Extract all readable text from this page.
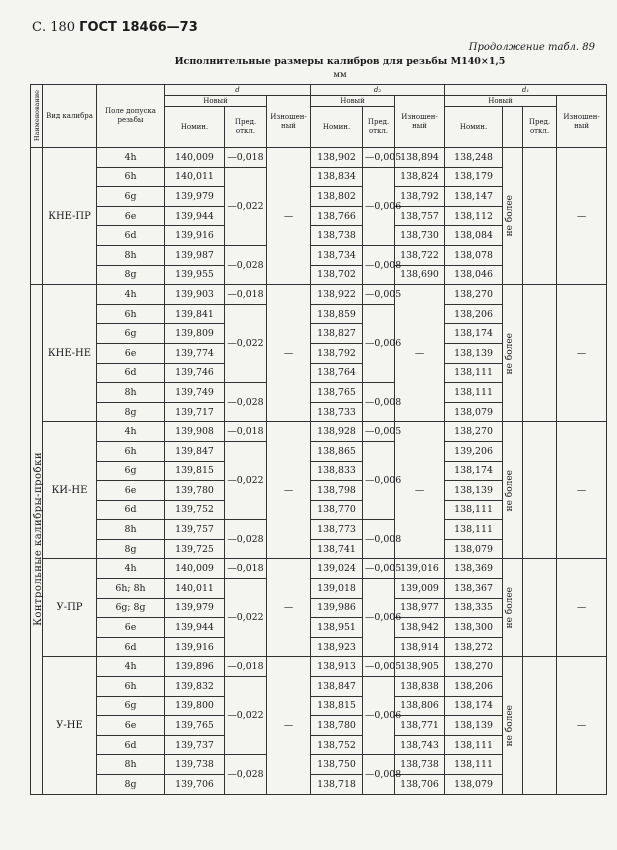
С. 180 ГОСТ 18466—73
Продолжение табл. 89
Исполнительные размеры калибров для резьбы М140×1,5
мм
Наименование	Вид калибра	Поле допуска резьбы	d			d₂			d₁			
			Новый		Изношен-ный	Новый		Изношен-ный	Новый			Изношен-ный
			Номин.	Пред. откл.		Номин.	Пред. откл.		Номин.		Пред. откл.	
	КНЕ-ПР	4h	140,009	—0,018	—	138,902	—0,005	138,894	138,248	не более		—
		6h	140,011	—0,022		138,834	—0,006	138,824	138,179			
		6g	139,979			138,802		138,792	138,147			
		6e	139,944			138,766		138,757	138,112			
		6d	139,916			138,738		138,730	138,084			
		8h	139,987	—0,028		138,734	—0,008	138,722	138,078			
		8g	139,955			138,702		138,690	138,046			

Контрольные калибры-пробки	КНЕ-НЕ	4h	139,903	—0,018	—	138,922	—0,005	—	138,270	не более		—
		6h	139,841	—0,022		138,859	—0,006		138,206			
		6g	139,809			138,827			138,174			
		6e	139,774			138,792			138,139			
		6d	139,746			138,764			138,111			
		8h	139,749	—0,028		138,765	—0,008		138,111			
		8g	139,717			138,733			138,079			
	КИ-НЕ	4h	139,908	—0,018	—	138,928	—0,005	—	138,270	не более		—
		6h	139,847	—0,022		138,865	—0,006		139,206			
		6g	139,815			138,833			138,174			
		6e	139,780			138,798			138,139			
		6d	139,752			138,770			138,111			
		8h	139,757	—0,028		138,773	—0,008		138,111			
		8g	139,725			138,741			138,079			
	У-ПР	4h	140,009	—0,018	—	139,024	—0,005	139,016	138,369	не более		—
		6h; 8h	140,011	—0,022		139,018	—0,006	139,009	138,367			
		6g; 8g	139,979			139,986		138,977	138,335			
		6e	139,944			138,951		138,942	138,300			
		6d	139,916			138,923		138,914	138,272			
	У-НЕ	4h	139,896	—0,018	—	138,913	—0,005	138,905	138,270	не более		—
		6h	139,832	—0,022		138,847	—0,006	138,838	138,206			
		6g	139,800			138,815		138,806	138,174			
		6e	139,765			138,780		138,771	138,139			
		6d	139,737			138,752		138,743	138,111			
		8h	139,738	—0,028		138,750	—0,008	138,738	138,111			
		8g	139,706			138,718		138,706	138,079			
